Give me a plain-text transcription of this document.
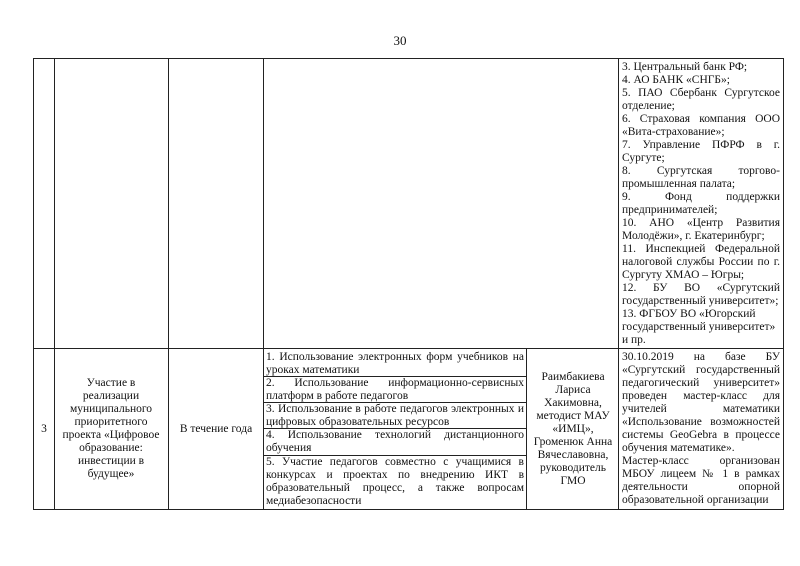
30
3. Центральный банк РФ;
4. АО БАНК «СНГБ»;
5. ПАО Сбербанк Сургутское отделение;
6. Страховая компания ООО «Вита-страхование»;
7. Управление ПФРФ в г. Сургуте;
8. Сургутская торгово-промышленная палата;
9. Фонд поддержки предпринимателей;
10. АНО «Центр Развития Молодёжи», г. Екатеринбург;
11. Инспекцией Федеральной налоговой службы России по г. Сургуту ХМАО – Югры;
12. БУ ВО «Сургутский государственный университет»;
13. ФГБОУ ВО «Югорский государственный университет» и пр.
3
Участие в реализации муниципального приоритетного проекта «Цифровое образование: инвестиции в будущее»
В течение года
1. Использование электронных форм учебников на уроках математики
2. Использование информационно-сервисных платформ в работе педагогов
3. Использование в работе педагогов электронных и цифровых образовательных ресурсов
4. Использование технологий дистанционного обучения
5. Участие педагогов совместно с учащимися в конкурсах и проектах по внедрению ИКТ в образовательный процесс, а также вопросам медиабезопасности
Раимбакиева Лариса Хакимовна, методист МАУ «ИМЦ», Громенюк Анна Вячеславовна, руководитель ГМО
30.10.2019 на базе БУ «Сургутский государственный педагогический университет» проведен мастер-класс для учителей математики «Использование возможностей системы GeoGebra в процессе обучения математике».
Мастер-класс организован МБОУ лицеем № 1 в рамках деятельности опорной образовательной организации
